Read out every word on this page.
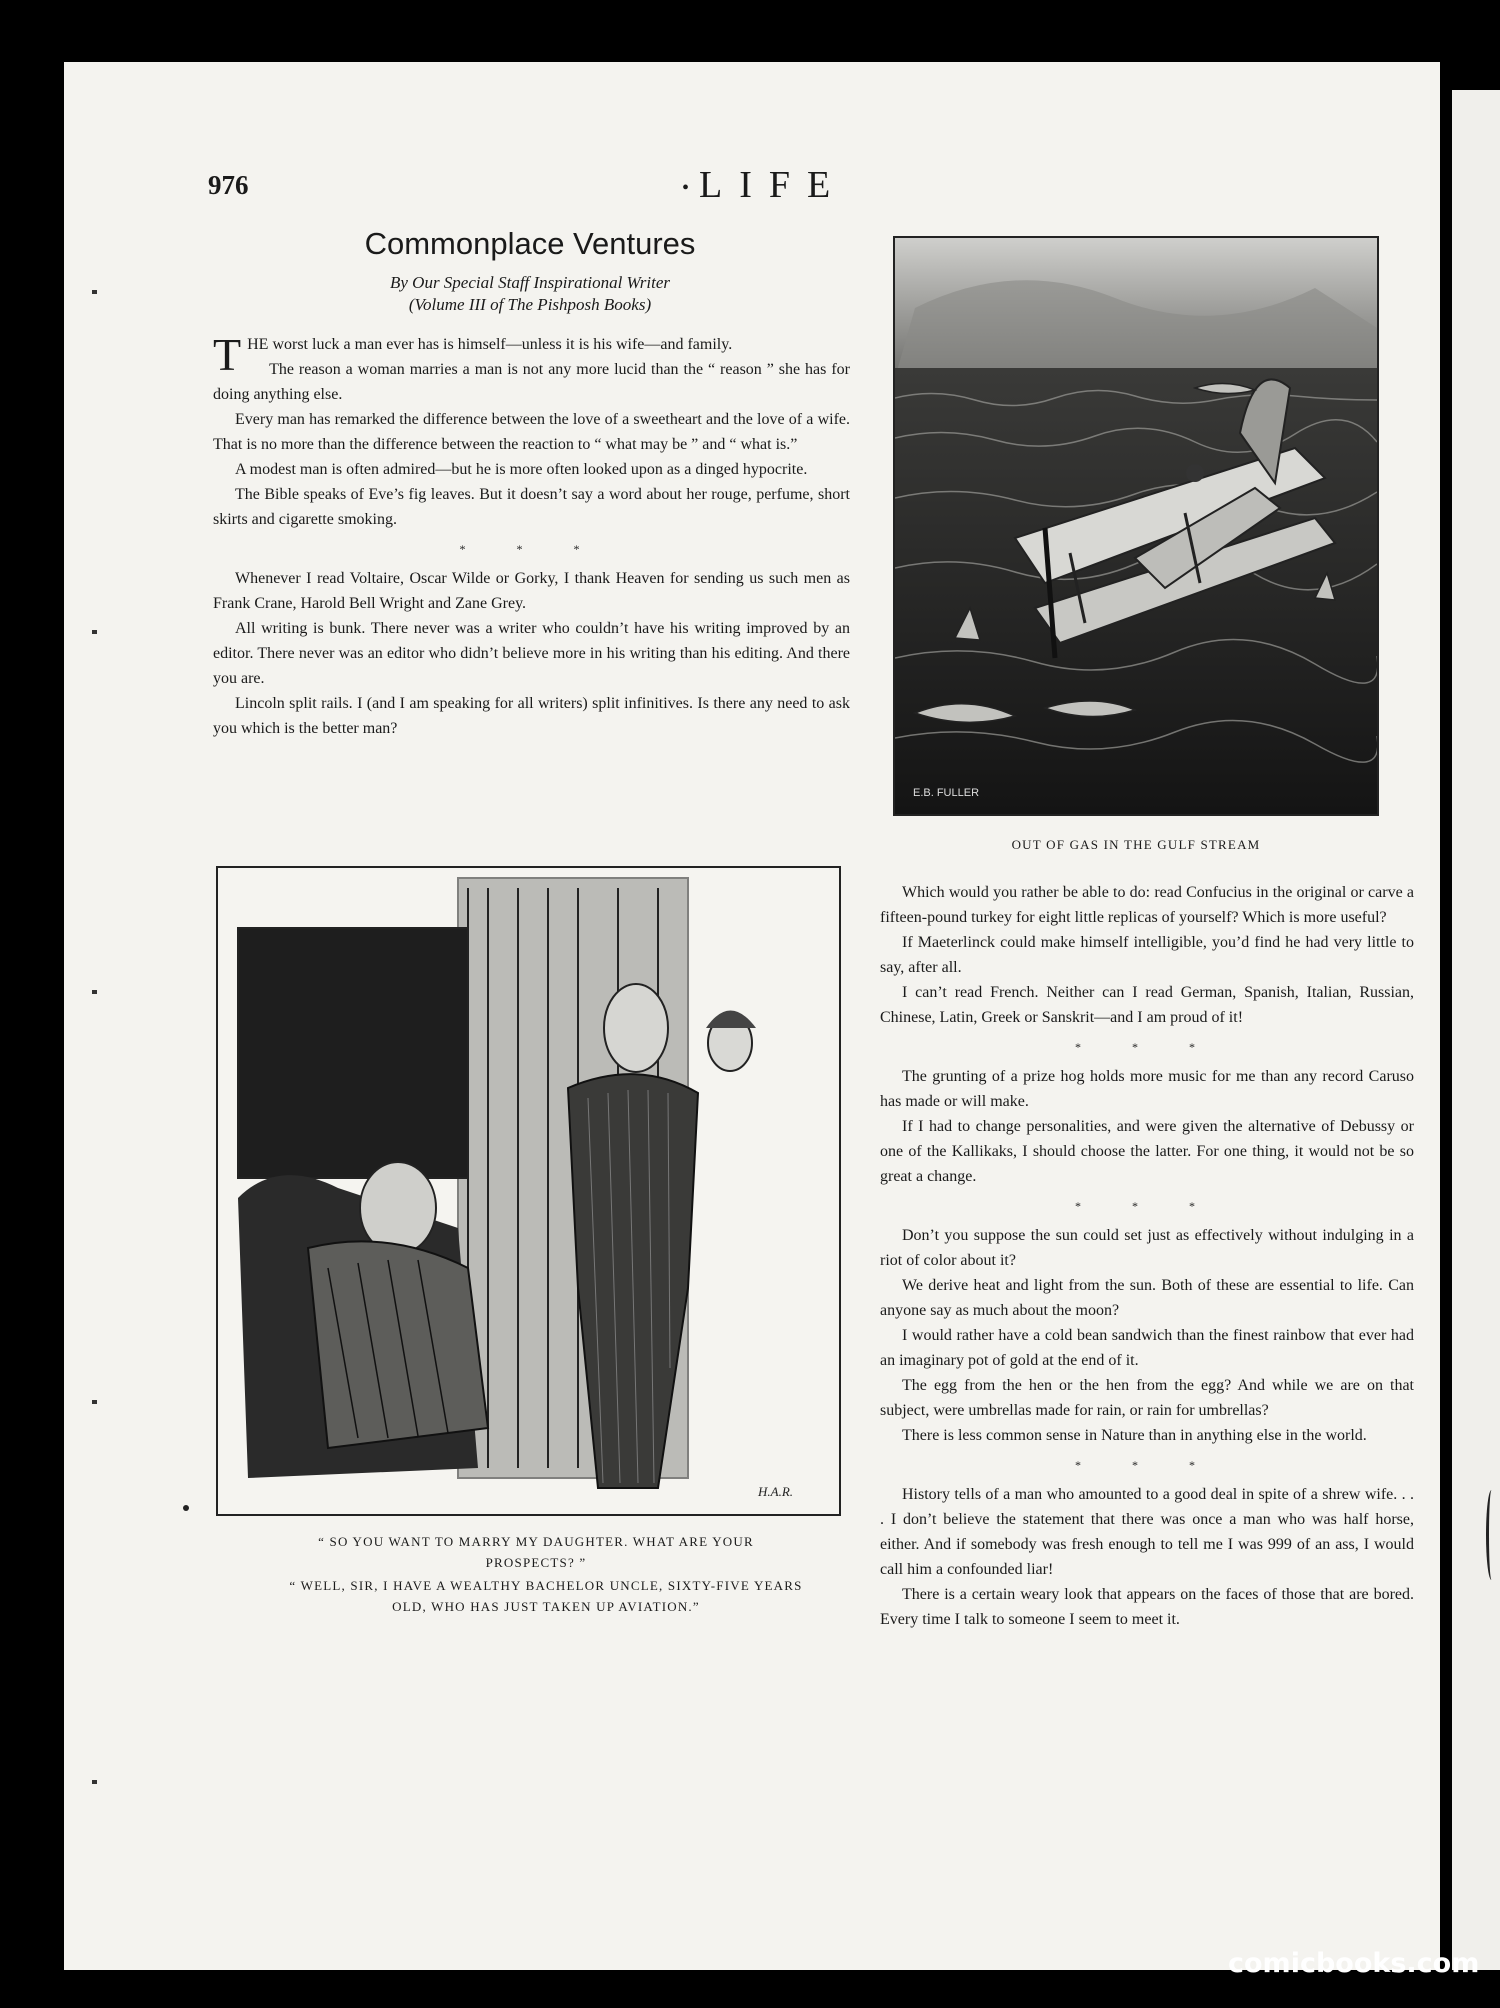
976	• LIFE
Commonplace Ventures
By Our Special Staff Inspirational Writer
(Volume III of The Pishposh Books)

THE worst luck a man ever has is himself—unless it is his wife—and family.

The reason a woman marries a man is not any more lucid than the “ reason ” she has for doing anything else.

Every man has remarked the difference between the love of a sweetheart and the love of a wife. That is no more than the difference between the reaction to “ what may be ” and “ what is.”

A modest man is often admired—but he is more often looked upon as a dinged hypocrite.

The Bible speaks of Eve’s fig leaves. But it doesn’t say a word about her rouge, perfume, short skirts and cigarette smoking.

* * *

Whenever I read Voltaire, Oscar Wilde or Gorky, I thank Heaven for sending us such men as Frank Crane, Harold Bell Wright and Zane Grey.

All writing is bunk. There never was a writer who couldn’t have his writing improved by an editor. There never was an editor who didn’t believe more in his writing than his editing. And there you are.

Lincoln split rails. I (and I am speaking for all writers) split infinitives. Is there any need to ask you which is the better man?

E.B. FULLER
OUT OF GAS IN THE GULF STREAM
H.A.R.
“ SO YOU WANT TO MARRY MY DAUGHTER. WHAT ARE YOUR PROSPECTS? ”
“ WELL, SIR, I HAVE A WEALTHY BACHELOR UNCLE, SIXTY-FIVE YEARS OLD, WHO HAS JUST TAKEN UP AVIATION.”

Which would you rather be able to do: read Confucius in the original or carve a fifteen-pound turkey for eight little replicas of yourself? Which is more useful?

If Maeterlinck could make himself intelligible, you’d find he had very little to say, after all.

I can’t read French. Neither can I read German, Spanish, Italian, Russian, Chinese, Latin, Greek or Sanskrit—and I am proud of it!

* * *

The grunting of a prize hog holds more music for me than any record Caruso has made or will make.

If I had to change personalities, and were given the alternative of Debussy or one of the Kallikaks, I should choose the latter. For one thing, it would not be so great a change.

* * *

Don’t you suppose the sun could set just as effectively without indulging in a riot of color about it?

We derive heat and light from the sun. Both of these are essential to life. Can anyone say as much about the moon?

I would rather have a cold bean sandwich than the finest rainbow that ever had an imaginary pot of gold at the end of it.

The egg from the hen or the hen from the egg? And while we are on that subject, were umbrellas made for rain, or rain for umbrellas?

There is less common sense in Nature than in anything else in the world.

* * *

History tells of a man who amounted to a good deal in spite of a shrew wife. . . . I don’t believe the statement that there was once a man who was half horse, either. And if somebody was fresh enough to tell me I was 999 of an ass, I would call him a confounded liar!

There is a certain weary look that appears on the faces of those that are bored. Every time I talk to someone I seem to meet it.

comicbooks.com
